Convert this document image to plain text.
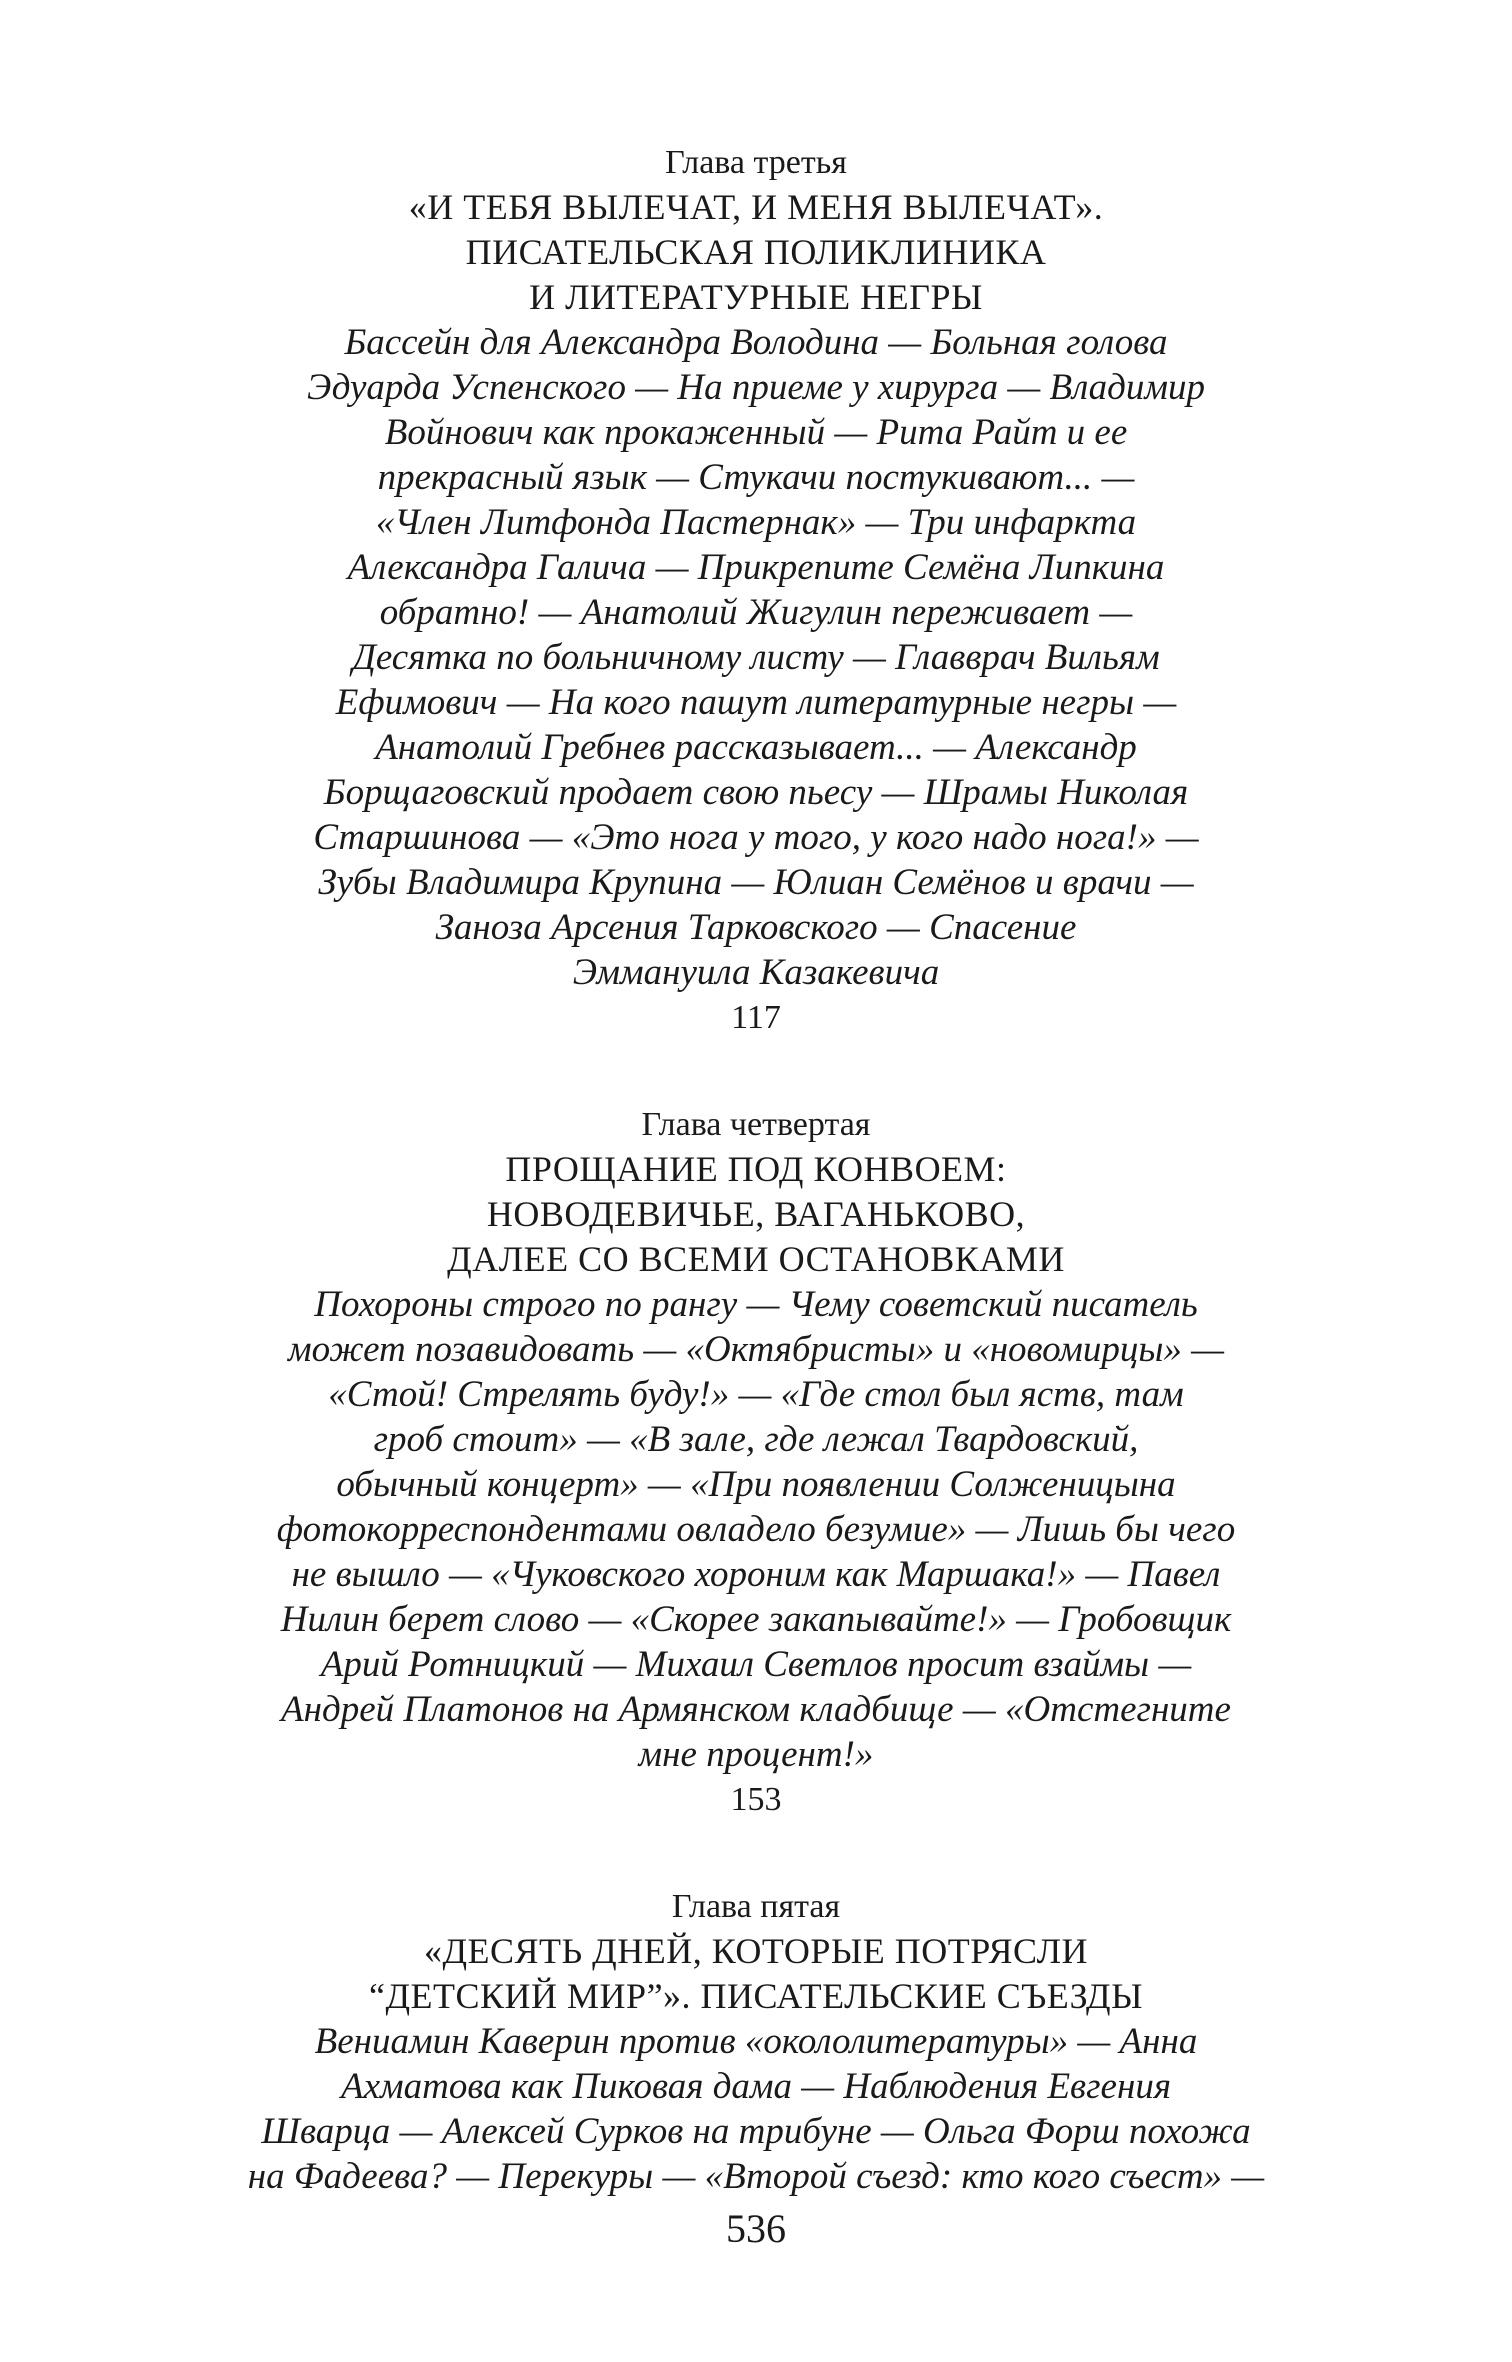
Глава третья
«И ТЕБЯ ВЫЛЕЧАТ, И МЕНЯ ВЫЛЕЧАТ».
ПИСАТЕЛЬСКАЯ ПОЛИКЛИНИКА
И ЛИТЕРАТУРНЫЕ НЕГРЫ
Бассейн для Александра Володина — Больная голова
Эдуарда Успенского — На приеме у хирурга — Владимир
Войнович как прокаженный — Рита Райт и ее
прекрасный язык — Стукачи постукивают... —
«Член Литфонда Пастернак» — Три инфаркта
Александра Галича — Прикрепите Семёна Липкина
обратно! — Анатолий Жигулин переживает —
Десятка по больничному листу — Главврач Вильям
Ефимович — На кого пашут литературные негры —
Анатолий Гребнев рассказывает... — Александр
Борщаговский продает свою пьесу — Шрамы Николая
Старшинова — «Это нога у того, у кого надо нога!» —
Зубы Владимира Крупина — Юлиан Семёнов и врачи —
Заноза Арсения Тарковского — Спасение
Эммануила Казакевича
117
Глава четвертая
ПРОЩАНИЕ ПОД КОНВОЕМ:
НОВОДЕВИЧЬЕ, ВАГАНЬКОВО,
ДАЛЕЕ СО ВСЕМИ ОСТАНОВКАМИ
Похороны строго по рангу — Чему советский писатель
может позавидовать — «Октябристы» и «новомирцы» —
«Стой! Стрелять буду!» — «Где стол был яств, там
гроб стоит» — «В зале, где лежал Твардовский,
обычный концерт» — «При появлении Солженицына
фотокорреспондентами овладело безумие» — Лишь бы чего
не вышло — «Чуковского хороним как Маршака!» — Павел
Нилин берет слово — «Скорее закапывайте!» — Гробовщик
Арий Ротницкий — Михаил Светлов просит взаймы —
Андрей Платонов на Армянском кладбище — «Отстегните
мне процент!»
153
Глава пятая
«ДЕСЯТЬ ДНЕЙ, КОТОРЫЕ ПОТРЯСЛИ
“ДЕТСКИЙ МИР”». ПИСАТЕЛЬСКИЕ СЪЕЗДЫ
Вениамин Каверин против «окололитературы» — Анна
Ахматова как Пиковая дама — Наблюдения Евгения
Шварца — Алексей Сурков на трибуне — Ольга Форш похожа
на Фадеева? — Перекуры — «Второй съезд: кто кого съест» —
536
